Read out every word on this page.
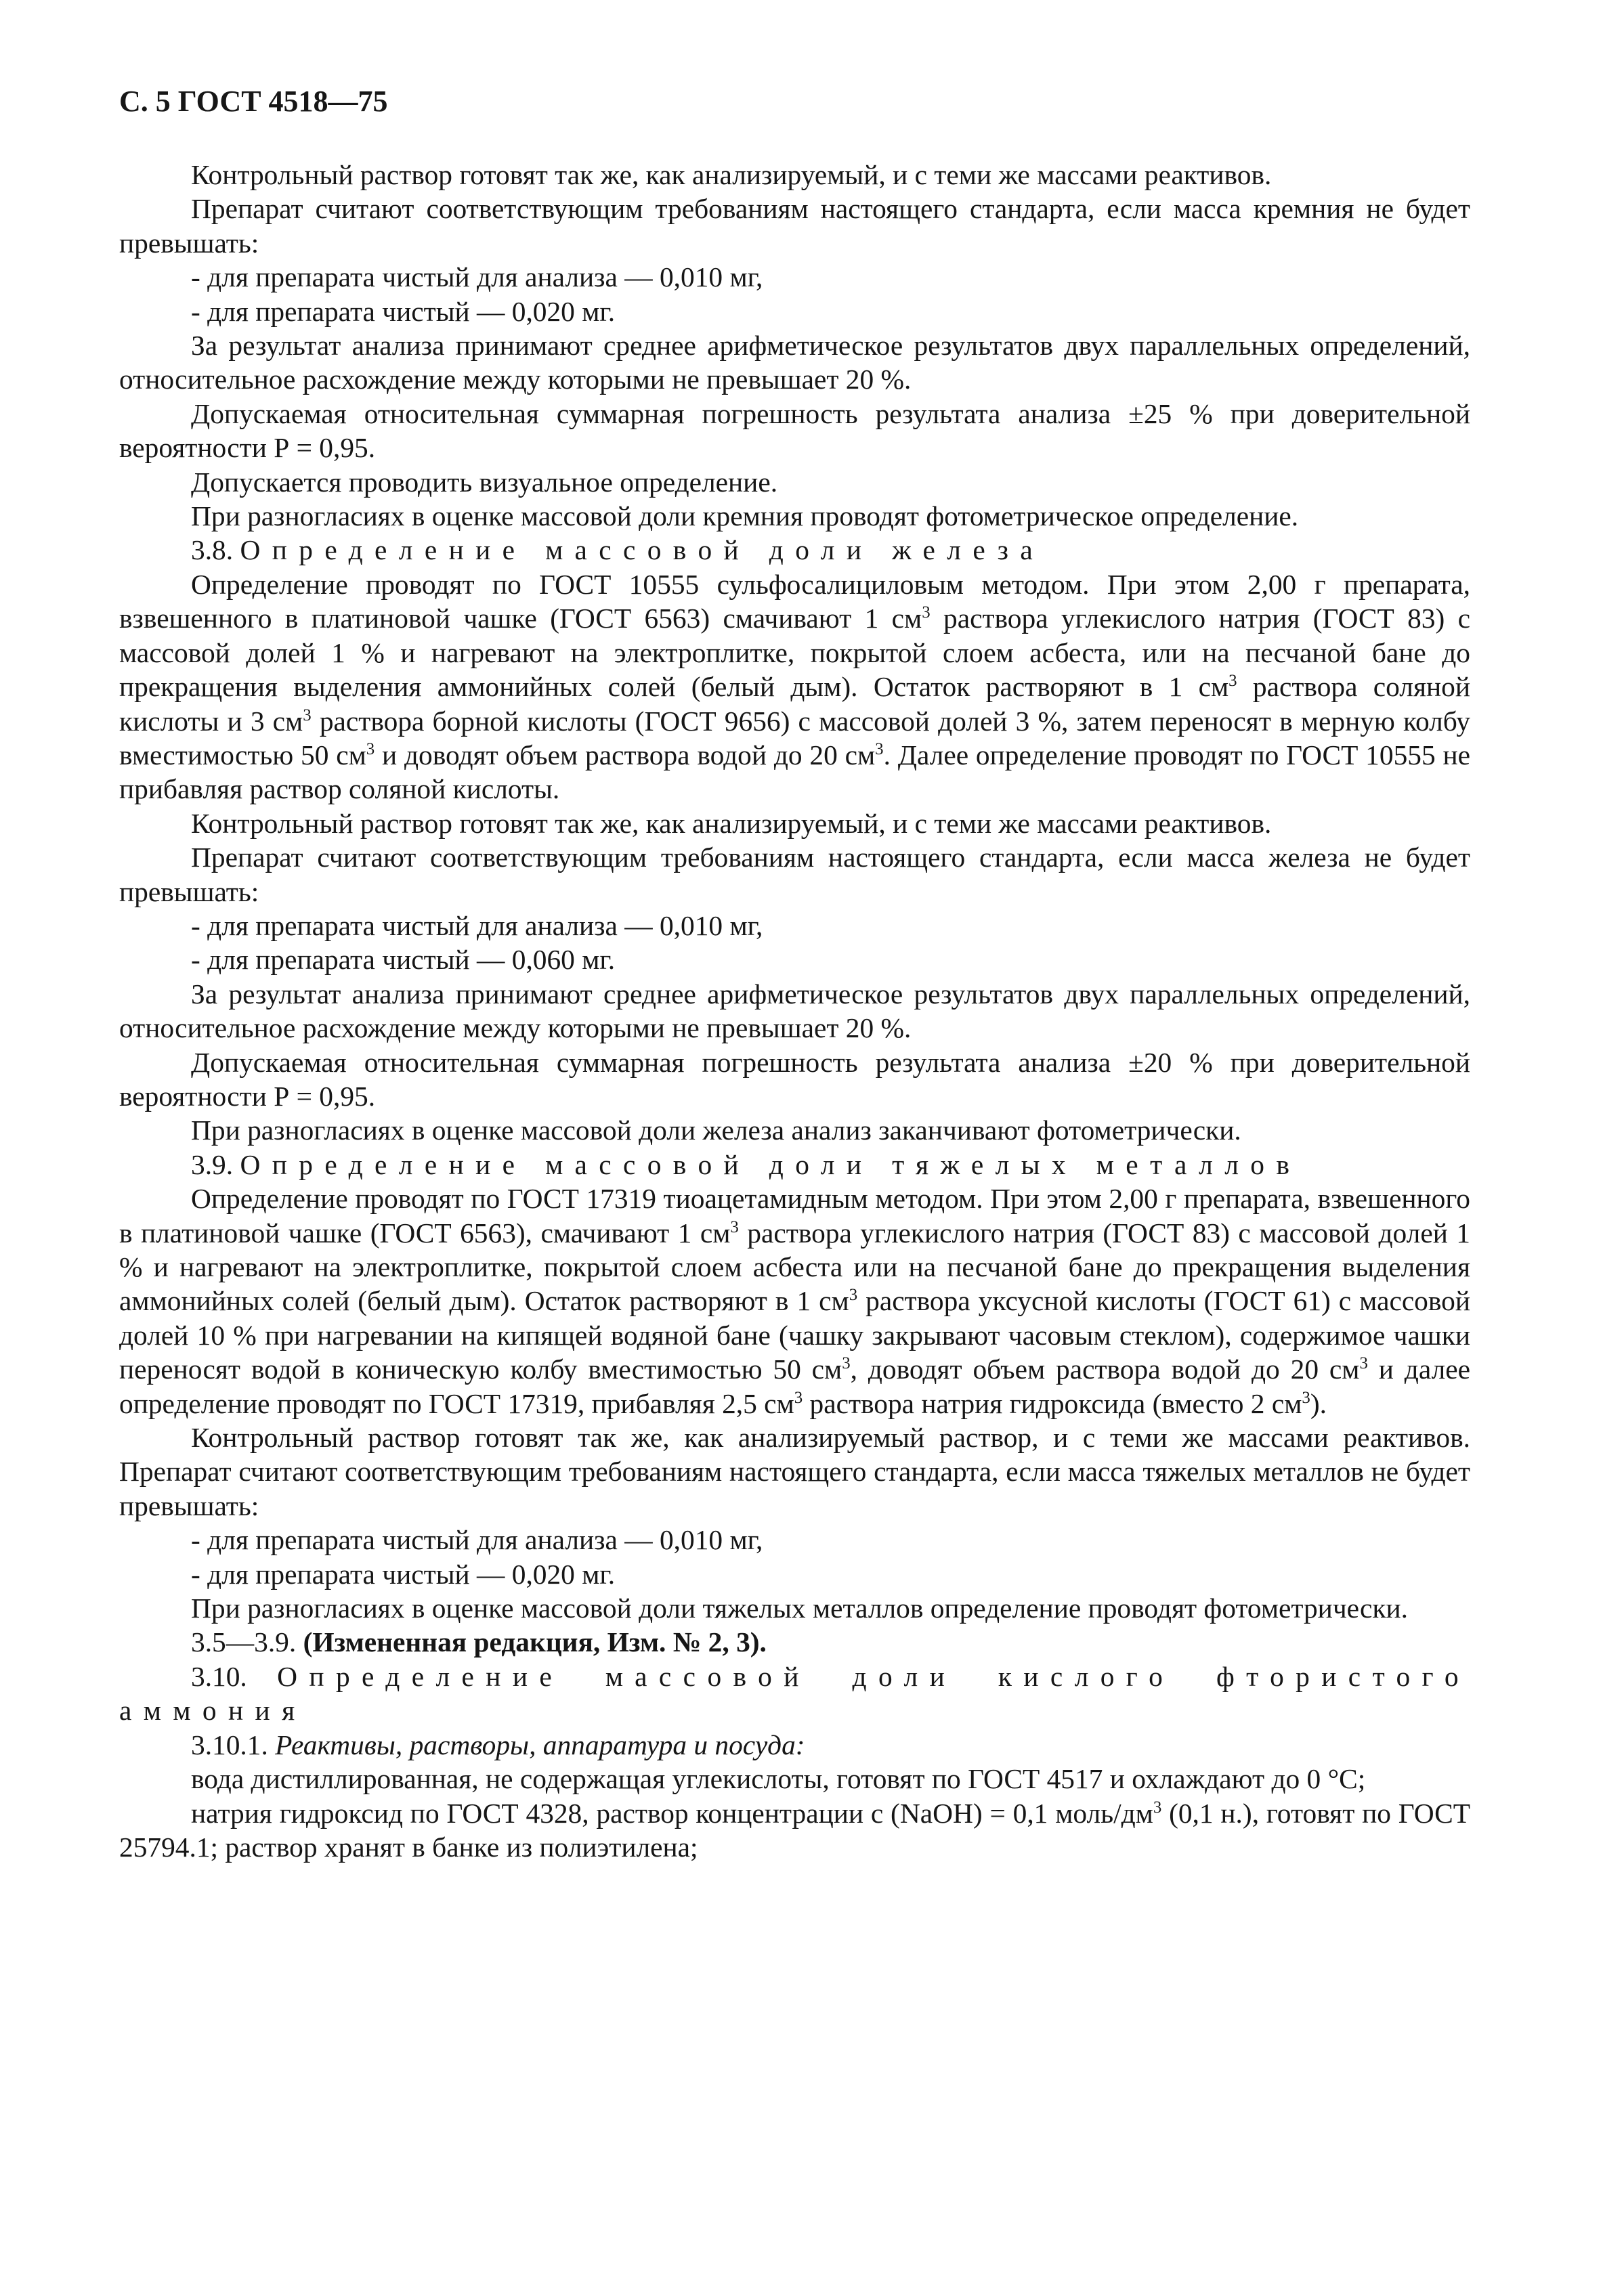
С. 5 ГОСТ 4518—75

Контрольный раствор готовят так же, как анализируемый, и с теми же массами реактивов.

Препарат считают соответствующим требованиям настоящего стандарта, если масса кремния не будет превышать:

- для препарата чистый для анализа — 0,010 мг,

- для препарата чистый — 0,020 мг.

За результат анализа принимают среднее арифметическое результатов двух параллельных определений, относительное расхождение между которыми не превышает 20 %.

Допускаемая относительная суммарная погрешность результата анализа ±25 % при доверительной вероятности Р = 0,95.

Допускается проводить визуальное определение.

При разногласиях в оценке массовой доли кремния проводят фотометрическое определение.

3.8. Определение массовой доли железа

Определение проводят по ГОСТ 10555 сульфосалициловым методом. При этом 2,00 г препарата, взвешенного в платиновой чашке (ГОСТ 6563) смачивают 1 $см^3$ раствора углекислого натрия (ГОСТ 83) с массовой долей 1 % и нагревают на электроплитке, покрытой слоем асбеста, или на песчаной бане до прекращения выделения аммонийных солей (белый дым). Остаток растворяют в 1 $см^3$ раствора соляной кислоты и 3 $см^3$ раствора борной кислоты (ГОСТ 9656) с массовой долей 3 %, затем переносят в мерную колбу вместимостью 50 $см^3$ и доводят объем раствора водой до 20 $см^3$. Далее определение проводят по ГОСТ 10555 не прибавляя раствор соляной кислоты.

Контрольный раствор готовят так же, как анализируемый, и с теми же массами реактивов.

Препарат считают соответствующим требованиям настоящего стандарта, если масса железа не будет превышать:

- для препарата чистый для анализа — 0,010 мг,

- для препарата чистый — 0,060 мг.

За результат анализа принимают среднее арифметическое результатов двух параллельных определений, относительное расхождение между которыми не превышает 20 %.

Допускаемая относительная суммарная погрешность результата анализа ±20 % при доверительной вероятности Р = 0,95.

При разногласиях в оценке массовой доли железа анализ заканчивают фотометрически.

3.9. Определение массовой доли тяжелых металлов

Определение проводят по ГОСТ 17319 тиоацетамидным методом. При этом 2,00 г препарата, взвешенного в платиновой чашке (ГОСТ 6563), смачивают 1 $см^3$ раствора углекислого натрия (ГОСТ 83) с массовой долей 1 % и нагревают на электроплитке, покрытой слоем асбеста или на песчаной бане до прекращения выделения аммонийных солей (белый дым). Остаток растворяют в 1 $см^3$ раствора уксусной кислоты (ГОСТ 61) с массовой долей 10 % при нагревании на кипящей водяной бане (чашку закрывают часовым стеклом), содержимое чашки переносят водой в коническую колбу вместимостью 50 $см^3$, доводят объем раствора водой до 20 $см^3$ и далее определение проводят по ГОСТ 17319, прибавляя 2,5 $см^3$ раствора натрия гидроксида (вместо 2 $см^3$).

Контрольный раствор готовят так же, как анализируемый раствор, и с теми же массами реактивов. Препарат считают соответствующим требованиям настоящего стандарта, если масса тяжелых металлов не будет превышать:

- для препарата чистый для анализа — 0,010 мг,

- для препарата чистый — 0,020 мг.

При разногласиях в оценке массовой доли тяжелых металлов определение проводят фотометрически.

3.5—3.9. (Измененная редакция, Изм. № 2, 3).

3.10. Определение массовой доли кислого фтористого аммония

3.10.1. Реактивы, растворы, аппаратура и посуда:

вода дистиллированная, не содержащая углекислоты, готовят по ГОСТ 4517 и охлаждают до 0 °С;

натрия гидроксид по ГОСТ 4328, раствор концентрации с (NaOH) = 0,1 моль/$дм^3$ (0,1 н.), готовят по ГОСТ 25794.1; раствор хранят в банке из полиэтилена;
